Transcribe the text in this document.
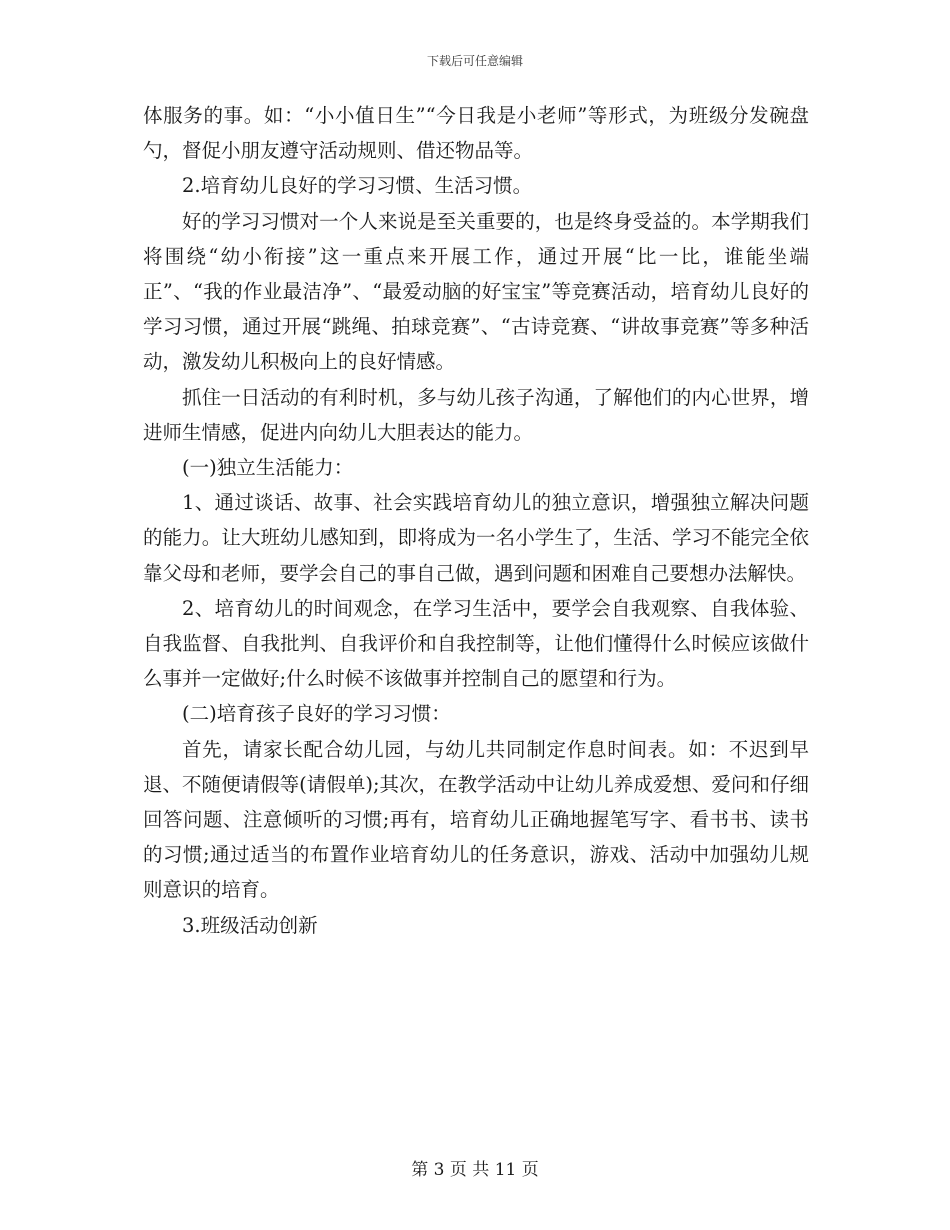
下载后可任意编辑

体服务的事。如：“小小值日生”“今日我是小老师”等形式，为班级分发碗盘勺，督促小朋友遵守活动规则、借还物品等。

2.培育幼儿良好的学习习惯、生活习惯。

好的学习习惯对一个人来说是至关重要的，也是终身受益的。本学期我们将围绕“幼小衔接”这一重点来开展工作，通过开展“比一比，谁能坐端正”、“我的作业最洁净”、“最爱动脑的好宝宝”等竞赛活动，培育幼儿良好的学习习惯，通过开展“跳绳、拍球竞赛”、“古诗竞赛、“讲故事竞赛”等多种活动，激发幼儿积极向上的良好情感。

抓住一日活动的有利时机，多与幼儿孩子沟通，了解他们的内心世界，增进师生情感，促进内向幼儿大胆表达的能力。

(一)独立生活能力：

1、通过谈话、故事、社会实践培育幼儿的独立意识，增强独立解决问题的能力。让大班幼儿感知到，即将成为一名小学生了，生活、学习不能完全依靠父母和老师，要学会自己的事自己做，遇到问题和困难自己要想办法解快。

2、培育幼儿的时间观念，在学习生活中，要学会自我观察、自我体验、自我监督、自我批判、自我评价和自我控制等，让他们懂得什么时候应该做什么事并一定做好;什么时候不该做事并控制自己的愿望和行为。

(二)培育孩子良好的学习习惯：

首先，请家长配合幼儿园，与幼儿共同制定作息时间表。如：不迟到早退、不随便请假等(请假单);其次，在教学活动中让幼儿养成爱想、爱问和仔细回答问题、注意倾听的习惯;再有，培育幼儿正确地握笔写字、看书书、读书的习惯;通过适当的布置作业培育幼儿的任务意识，游戏、活动中加强幼儿规则意识的培育。

3.班级活动创新

第 3 页 共 11 页
